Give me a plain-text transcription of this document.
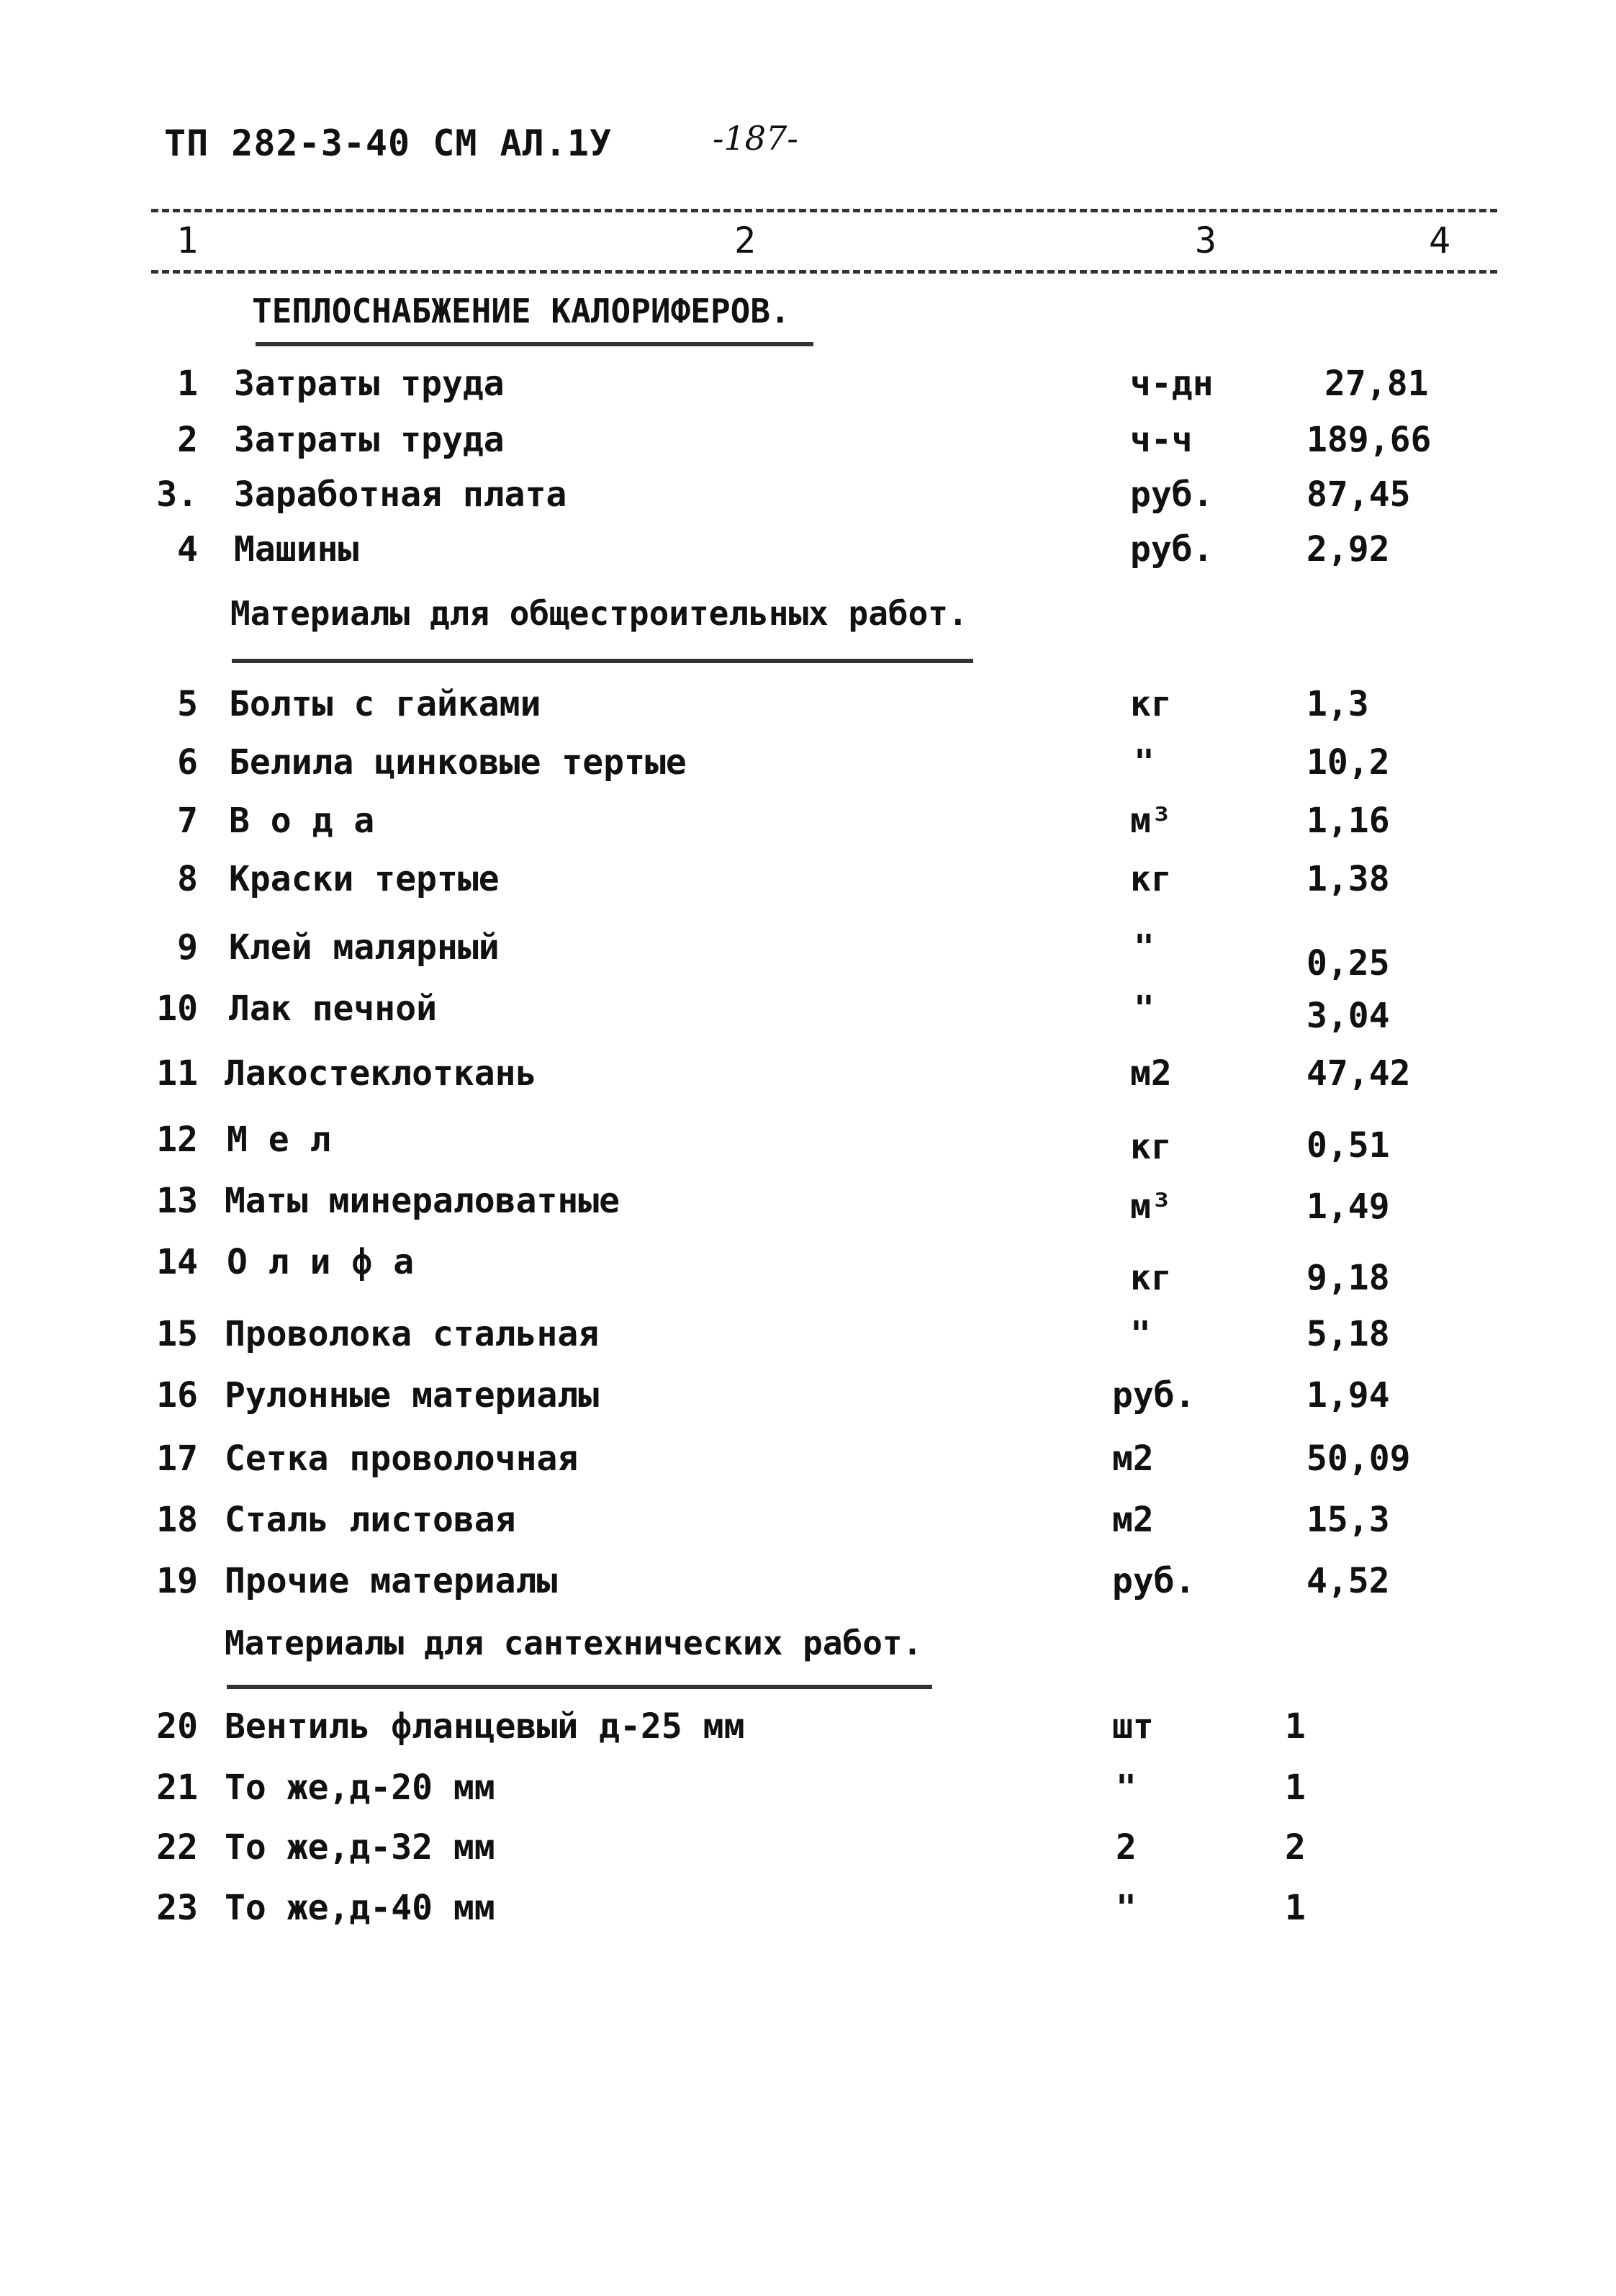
ТП 282-3-40 СМ АЛ.1У	-187-
1	2	3	4
ТЕПЛОСНАБЖЕНИЕ КАЛОРИФЕРОВ.
1 Затраты труда	ч-дн	27,81
2 Затраты труда	ч-ч	189,66
3. Заработная плата	руб.	87,45
4 Машины	руб.	2,92
Материалы для общестроительных работ.
5 Болты с гайками	кг	1,3
6 Белила цинковые тертые	"	10,2
7 В о д а	м³	1,16
8 Краски тертые	кг	1,38
9 Клей малярный	"	0,25
10 Лак печной	"	3,04
11 Лакостеклоткань	м2	47,42
12 М е л	кг	0,51
13 Маты минераловатные	м³	1,49
14 О л и ф а	кг	9,18
15 Проволока стальная	"	5,18
16 Рулонные материалы	руб.	1,94
17 Сетка проволочная	м2	50,09
18 Сталь листовая	м2	15,3
19 Прочие материалы	руб.	4,52
Материалы для сантехнических работ.
20 Вентиль фланцевый д-25 мм	шт	1
21 То же,д-20 мм	"	1
22 То же,д-32 мм	2	2
23 То же,д-40 мм	"	1
